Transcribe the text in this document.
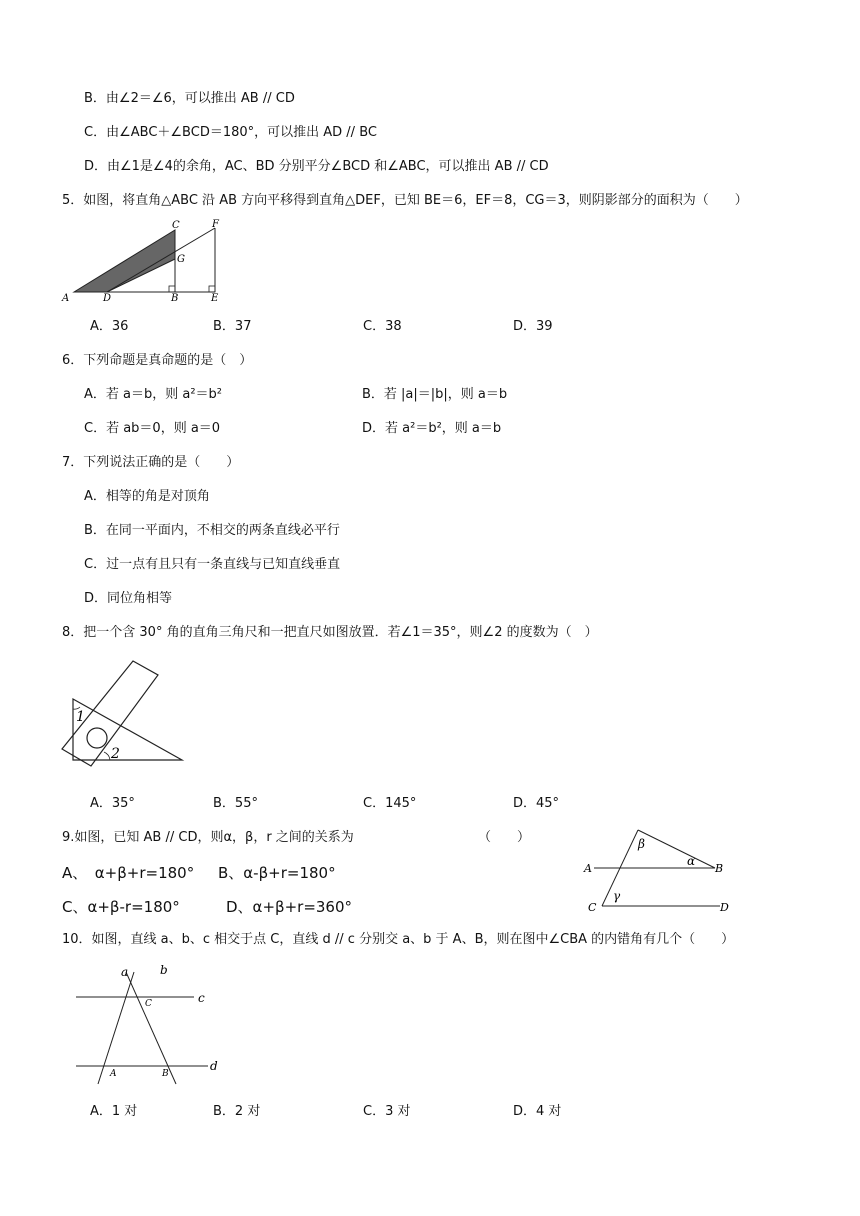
B．由∠2＝∠6，可以推出 AB // CD
C．由∠ABC＋∠BCD＝180°，可以推出 AD // BC
D．由∠1是∠4的余角，AC、BD 分别平分∠BCD 和∠ABC，可以推出 AB // CD
5．如图，将直角△ABC 沿 AB 方向平移得到直角△DEF，已知 BE＝6，EF＝8，CG＝3，则阴影部分的面积为（　　）
A	D	B	E
C	F
G
A．36	B．37	C．38	D．39
6．下列命题是真命题的是（　）
A．若 a＝b，则 a²＝b²	B．若 |a|＝|b|，则 a＝b
C．若 ab＝0，则 a＝0	D．若 a²＝b²，则 a＝b
7．下列说法正确的是（　　）
A．相等的角是对顶角
B．在同一平面内，不相交的两条直线必平行
C．过一点有且只有一条直线与已知直线垂直
D．同位角相等
8．把一个含 30° 角的直角三角尺和一把直尺如图放置．若∠1＝35°，则∠2 的度数为（　）
1
2
A．35°	B．55°	C．145°	D．45°
9.如图，已知 AB // CD，则α，β，r 之间的关系为	（　　）
A、　α+β+r=180° B、α-β+r=180°
C、α+β-r=180°	D、α+β+r=360°
A	B
C	D
β
α
γ
10．如图，直线 a、b、c 相交于点 C，直线 d // c 分别交 a、b 于 A、B，则在图中∠CBA 的内错角有几个（　　）
a	b
c
d
C
A	B
A．1 对	B．2 对	C．3 对	D．4 对
